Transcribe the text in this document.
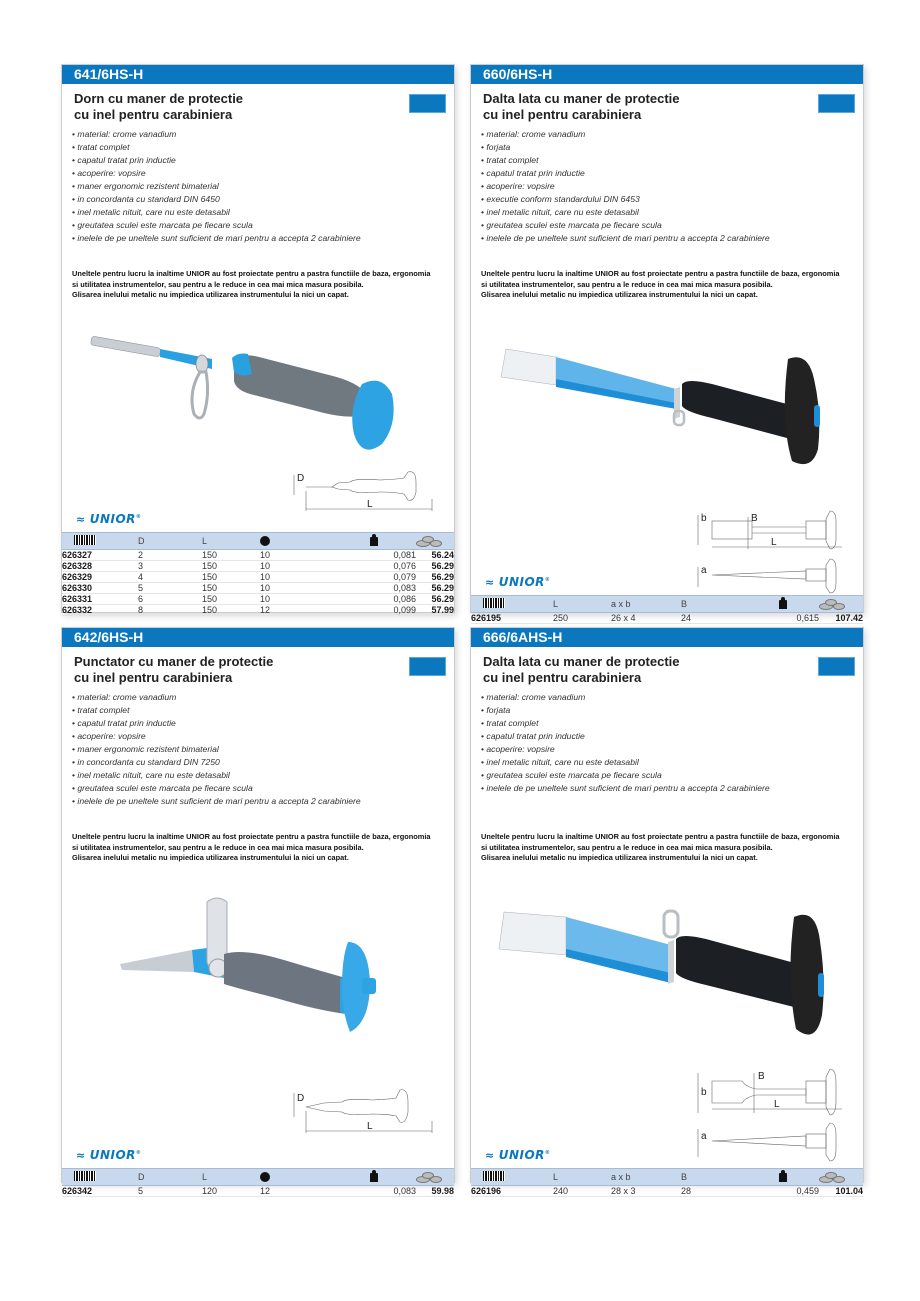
641/6HS-H
Dorn cu maner de protectie
cu inel pentru carabiniera
• material: crome vanadium
• tratat complet
• capatul tratat prin inductie
• acoperire: vopsire
• maner ergonomic rezistent bimaterial
• in concordanta cu standard DIN 6450
• inel metalic nituit, care nu este detasabil
• greutatea sculei este marcata pe fiecare scula
• inelele de pe uneltele sunt suficient de mari pentru a accepta 2 carabiniere
Uneltele pentru lucru la inaltime UNIOR au fost proiectate pentru a pastra functiile de baza, ergonomia
si utilitatea instrumentelor, sau pentru a le reduce in cea mai mica masura posibila.
Glisarea inelului metalic nu impiedica utilizarea instrumentului la nici un capat.
D
L
≈ UNIOR®
	D	L			

626327	2	150	10	0,081	56.24
626328	3	150	10	0,076	56.29
626329	4	150	10	0,079	56.29
626330	5	150	10	0,083	56.29
626331	6	150	10	0,086	56.29
626332	8	150	12	0,099	57.99
660/6HS-H
Dalta lata cu maner de protectie
cu inel pentru carabiniera
• material: crome vanadium
• forjata
• tratat complet
• capatul tratat prin inductie
• acoperire: vopsire
• executie conform standardului DIN 6453
• inel metalic nituit, care nu este detasabil
• greutatea sculei este marcata pe fiecare scula
• inelele de pe uneltele sunt suficient de mari pentru a accepta 2 carabiniere
Uneltele pentru lucru la inaltime UNIOR au fost proiectate pentru a pastra functiile de baza, ergonomia
si utilitatea instrumentelor, sau pentru a le reduce in cea mai mica masura posibila.
Glisarea inelului metalic nu impiedica utilizarea instrumentului la nici un capat.
b	B
L
a
≈ UNIOR®
	L	a x b	B		

626195	250	26 x 4	24	0,615	107.42
642/6HS-H
Punctator cu maner de protectie
cu inel pentru carabiniera
• material: crome vanadium
• tratat complet
• capatul tratat prin inductie
• acoperire: vopsire
• maner ergonomic rezistent bimaterial
• in concordanta cu standard DIN 7250
• inel metalic nituit, care nu este detasabil
• greutatea sculei este marcata pe fiecare scula
• inelele de pe uneltele sunt suficient de mari pentru a accepta 2 carabiniere
Uneltele pentru lucru la inaltime UNIOR au fost proiectate pentru a pastra functiile de baza, ergonomia
si utilitatea instrumentelor, sau pentru a le reduce in cea mai mica masura posibila.
Glisarea inelului metalic nu impiedica utilizarea instrumentului la nici un capat.
D
L
≈ UNIOR®
	D	L			

626342	5	120	12	0,083	59.98
666/6AHS-H
Dalta lata cu maner de protectie
cu inel pentru carabiniera
• material: crome vanadium
• forjata
• tratat complet
• capatul tratat prin inductie
• acoperire: vopsire
• inel metalic nituit, care nu este detasabil
• greutatea sculei este marcata pe fiecare scula
• inelele de pe uneltele sunt suficient de mari pentru a accepta 2 carabiniere
Uneltele pentru lucru la inaltime UNIOR au fost proiectate pentru a pastra functiile de baza, ergonomia
si utilitatea instrumentelor, sau pentru a le reduce in cea mai mica masura posibila.
Glisarea inelului metalic nu impiedica utilizarea instrumentului la nici un capat.
B
b
L
a
≈ UNIOR®
	L	a x b	B		

626196	240	28 x 3	28	0,459	101.04
